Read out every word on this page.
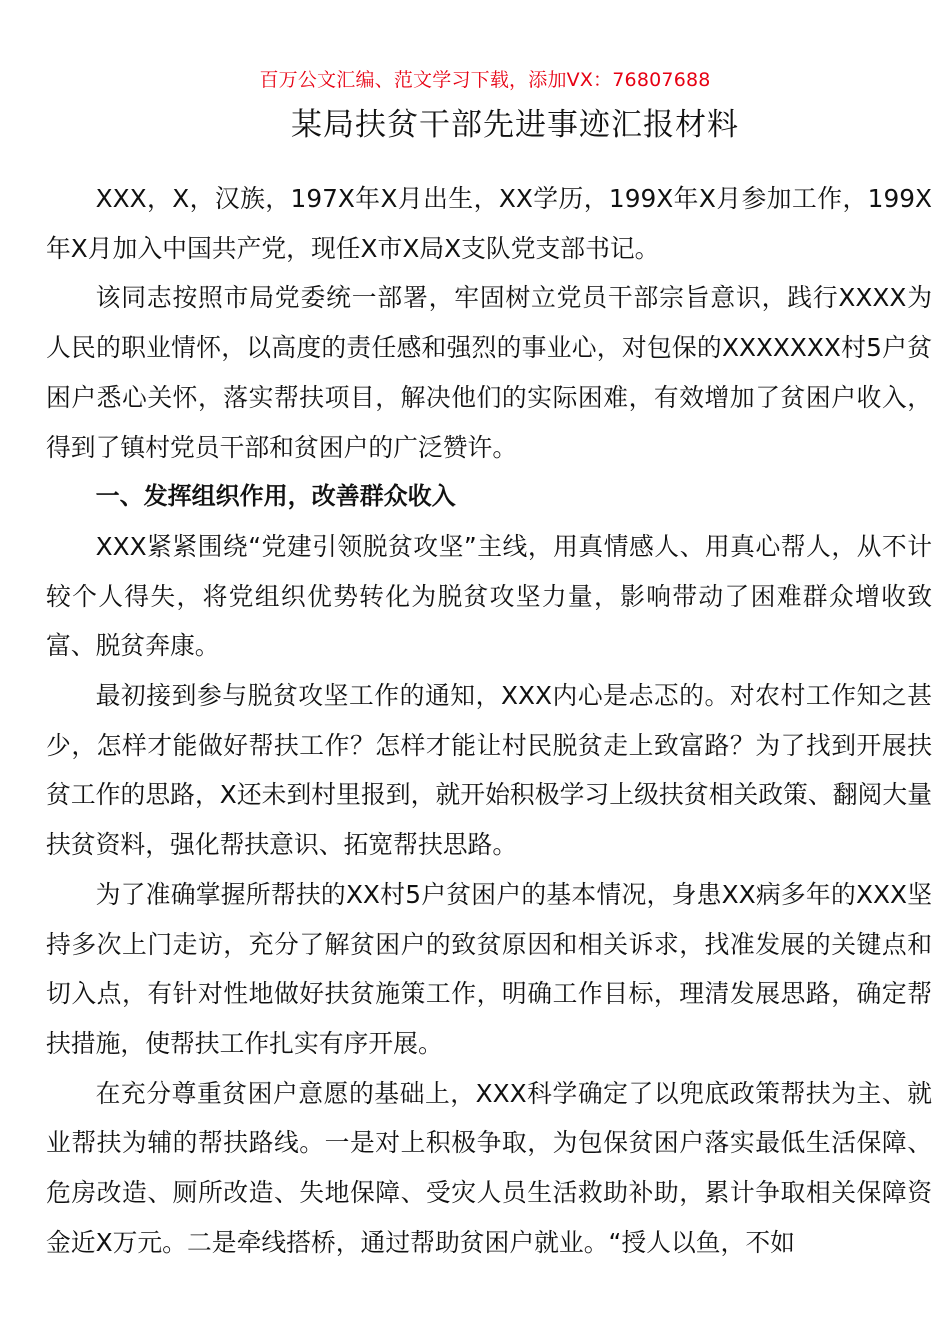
百万公文汇编、范文学习下载，添加VX：76807688
某局扶贫干部先进事迹汇报材料

XXX，X，汉族，197X年X月出生，XX学历，199X年X月参加工作，199X年X月加入中国共产党，现任X市X局X支队党支部书记。

该同志按照市局党委统一部署，牢固树立党员干部宗旨意识，践行XXXX为人民的职业情怀，以高度的责任感和强烈的事业心，对包保的XXXXXXX村5户贫困户悉心关怀，落实帮扶项目，解决他们的实际困难，有效增加了贫困户收入，得到了镇村党员干部和贫困户的广泛赞许。

一、发挥组织作用，改善群众收入

XXX紧紧围绕“党建引领脱贫攻坚”主线，用真情感人、用真心帮人，从不计较个人得失，将党组织优势转化为脱贫攻坚力量，影响带动了困难群众增收致富、脱贫奔康。

最初接到参与脱贫攻坚工作的通知，XXX内心是忐忑的。对农村工作知之甚少，怎样才能做好帮扶工作？怎样才能让村民脱贫走上致富路？为了找到开展扶贫工作的思路，X还未到村里报到，就开始积极学习上级扶贫相关政策、翻阅大量扶贫资料，强化帮扶意识、拓宽帮扶思路。

为了准确掌握所帮扶的XX村5户贫困户的基本情况，身患XX病多年的XXX坚持多次上门走访，充分了解贫困户的致贫原因和相关诉求，找准发展的关键点和切入点，有针对性地做好扶贫施策工作，明确工作目标，理清发展思路，确定帮扶措施，使帮扶工作扎实有序开展。

在充分尊重贫困户意愿的基础上，XXX科学确定了以兜底政策帮扶为主、就业帮扶为辅的帮扶路线。一是对上积极争取，为包保贫困户落实最低生活保障、危房改造、厕所改造、失地保障、受灾人员生活救助补助，累计争取相关保障资金近X万元。二是牵线搭桥，通过帮助贫困户就业。“授人以鱼，不如
